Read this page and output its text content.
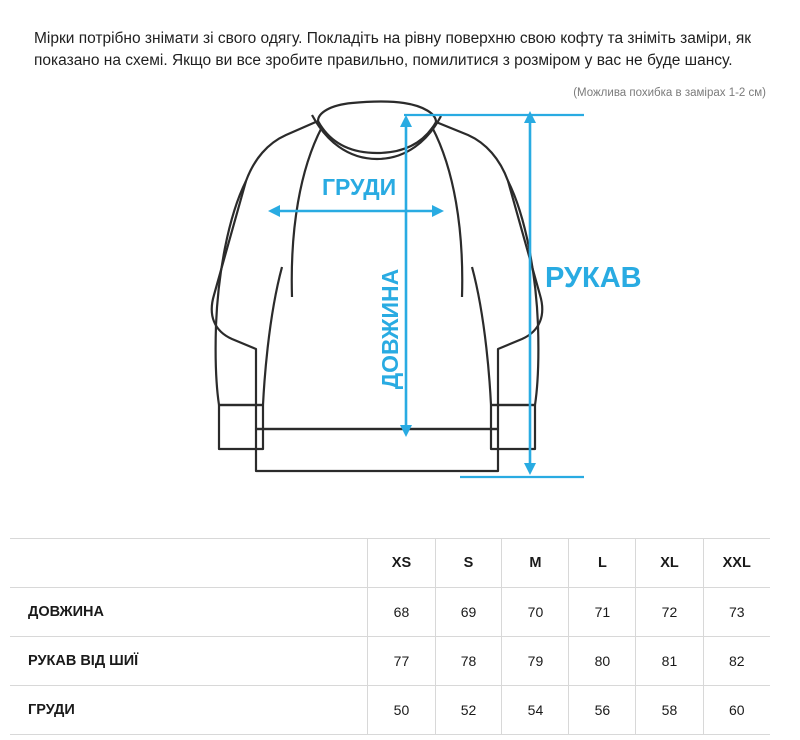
Мірки потрібно знімати зі свого одягу. Покладіть на рівну поверхню свою кофту та зніміть заміри, як показано на схемі. Якщо ви все зробите правильно, помилитися з розміром у вас не буде шансу.
(Можлива похибка в замірах 1-2 см)
ГРУДИ
ДОВЖИНА	РУКАВ
	XS	S	M	L	XL	XXL
ДОВЖИНА	68	69	70	71	72	73
РУКАВ ВІД ШИЇ	77	78	79	80	81	82
ГРУДИ	50	52	54	56	58	60
